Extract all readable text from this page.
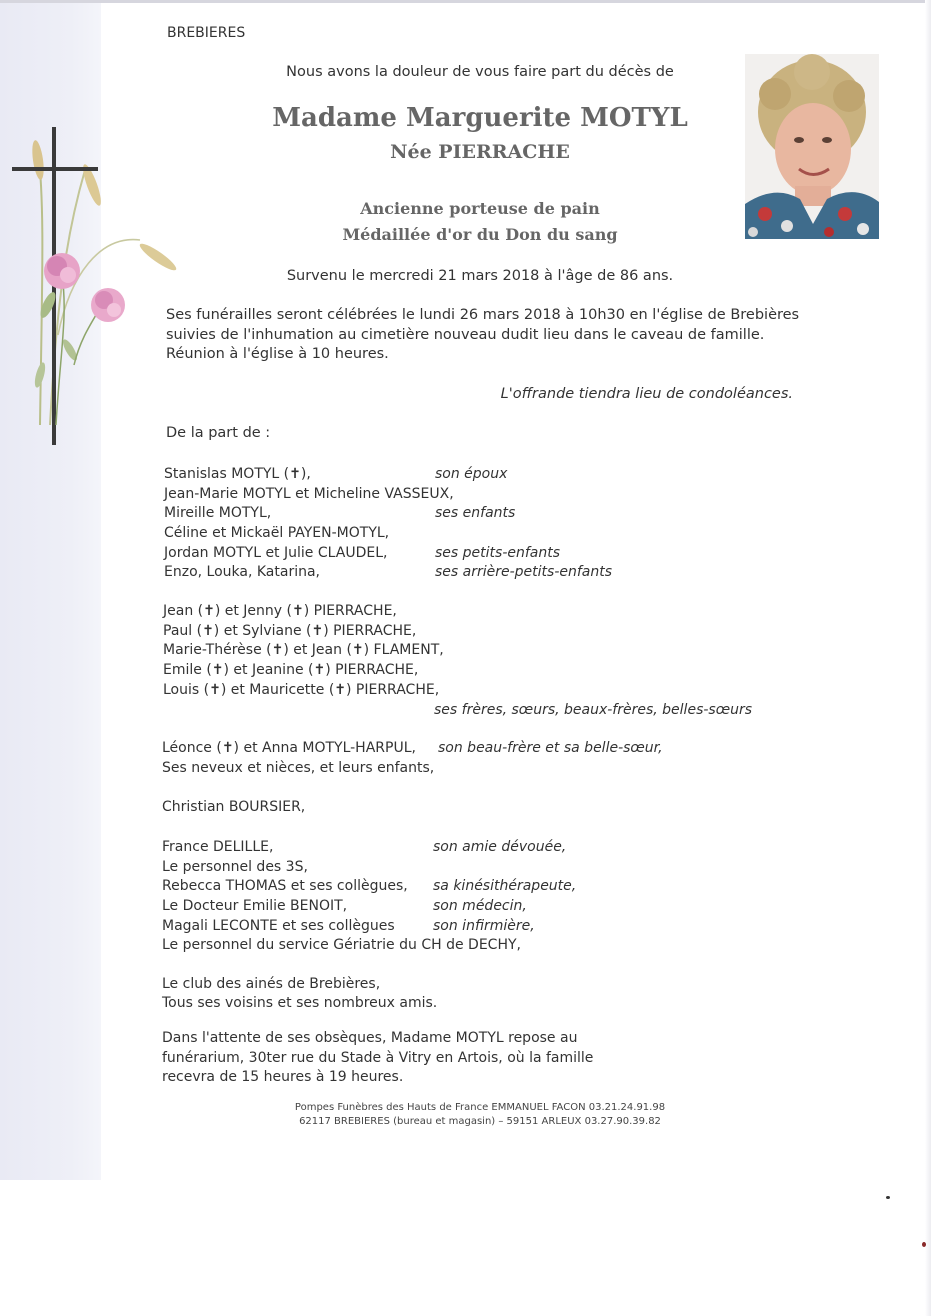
BREBIERES

Nous avons la douleur de vous faire part du décès de

Madame Marguerite MOTYL

Née PIERRACHE

Ancienne porteuse de pain

Médaillée d'or du Don du sang

Survenu le mercredi 21 mars 2018 à l'âge de 86 ans.

Ses funérailles seront célébrées le lundi 26 mars 2018 à 10h30 en l'église de Brebières

suivies de l'inhumation au cimetière nouveau dudit lieu dans le caveau de famille.

Réunion à l'église à 10 heures.

L'offrande tiendra lieu de condoléances.

De la part de :

Stanislas MOTYL (✝),	son époux

Jean-Marie MOTYL et Micheline VASSEUX,

Mireille MOTYL,	ses enfants

Céline et Mickaël PAYEN-MOTYL,

Jordan MOTYL et Julie CLAUDEL,	ses petits-enfants

Enzo, Louka, Katarina,	ses arrière-petits-enfants

Jean (✝) et Jenny (✝) PIERRACHE,

Paul (✝) et Sylviane (✝) PIERRACHE,

Marie-Thérèse (✝) et Jean (✝) FLAMENT,

Emile (✝) et Jeanine (✝) PIERRACHE,

Louis (✝) et Mauricette (✝) PIERRACHE,

ses frères, sœurs, beaux-frères, belles-sœurs

Léonce (✝) et Anna MOTYL-HARPUL, son beau-frère et sa belle-sœur,

Ses neveux et nièces, et leurs enfants,

Christian BOURSIER,

France DELILLE,	son amie dévouée,

Le personnel des 3S,

Rebecca THOMAS et ses collègues, sa kinésithérapeute,

Le Docteur Emilie BENOIT,	son médecin,

Magali LECONTE et ses collègues	son infirmière,

Le personnel du service Gériatrie du CH de DECHY,

Le club des ainés de Brebières,

Tous ses voisins et ses nombreux amis.

Dans l'attente de ses obsèques, Madame MOTYL repose au

funérarium, 30ter rue du Stade à Vitry en Artois, où la famille

recevra de 15 heures à 19 heures.

Pompes Funèbres des Hauts de France EMMANUEL FACON 03.21.24.91.98

62117 BREBIERES (bureau et magasin) – 59151 ARLEUX 03.27.90.39.82
